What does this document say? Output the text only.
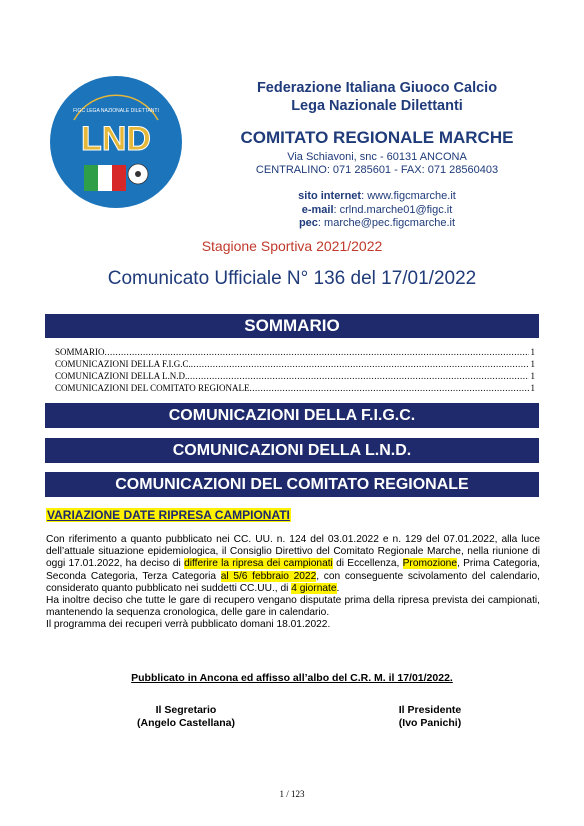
FIGC LEGA NAZIONALE DILETTANTI
LND
MARCHE
Federazione Italiana Giuoco Calcio
Lega Nazionale Dilettanti
COMITATO REGIONALE MARCHE
Via Schiavoni, snc - 60131 ANCONA
CENTRALINO: 071 285601 - FAX: 071 28560403
sito internet: www.figcmarche.it
e-mail: crlnd.marche01@figc.it
pec: marche@pec.figcmarche.it
Stagione Sportiva 2021/2022
Comunicato Ufficiale N° 136 del 17/01/2022
SOMMARIO
SOMMARIO .....	1
COMUNICAZIONI DELLA F.I.G.C. .....	1
COMUNICAZIONI DELLA L.N.D. .....	1
COMUNICAZIONI DEL COMITATO REGIONALE .....	1
COMUNICAZIONI DELLA F.I.G.C.
COMUNICAZIONI DELLA L.N.D.
COMUNICAZIONI DEL COMITATO REGIONALE
VARIAZIONE DATE RIPRESA CAMPIONATI

Con riferimento a quanto pubblicato nei CC. UU. n. 124 del 03.01.2022 e n. 129 del 07.01.2022, alla luce dell’attuale situazione epidemiologica, il Consiglio Direttivo del Comitato Regionale Marche, nella riunione di oggi 17.01.2022, ha deciso di differire la ripresa dei campionati di Eccellenza, Promozione, Prima Categoria, Seconda Categoria, Terza Categoria al 5/6 febbraio 2022, con conseguente scivolamento del calendario, considerato quanto pubblicato nei suddetti CC.UU., di 4 giornate.

Ha inoltre deciso che tutte le gare di recupero vengano disputate prima della ripresa prevista dei campionati, mantenendo la sequenza cronologica, delle gare in calendario.

Il programma dei recuperi verrà pubblicato domani 18.01.2022.

Pubblicato in Ancona ed affisso all’albo del C.R. M. il 17/01/2022.
Il Segretario
(Angelo Castellana)
Il Presidente
(Ivo Panichi)
1 / 123
